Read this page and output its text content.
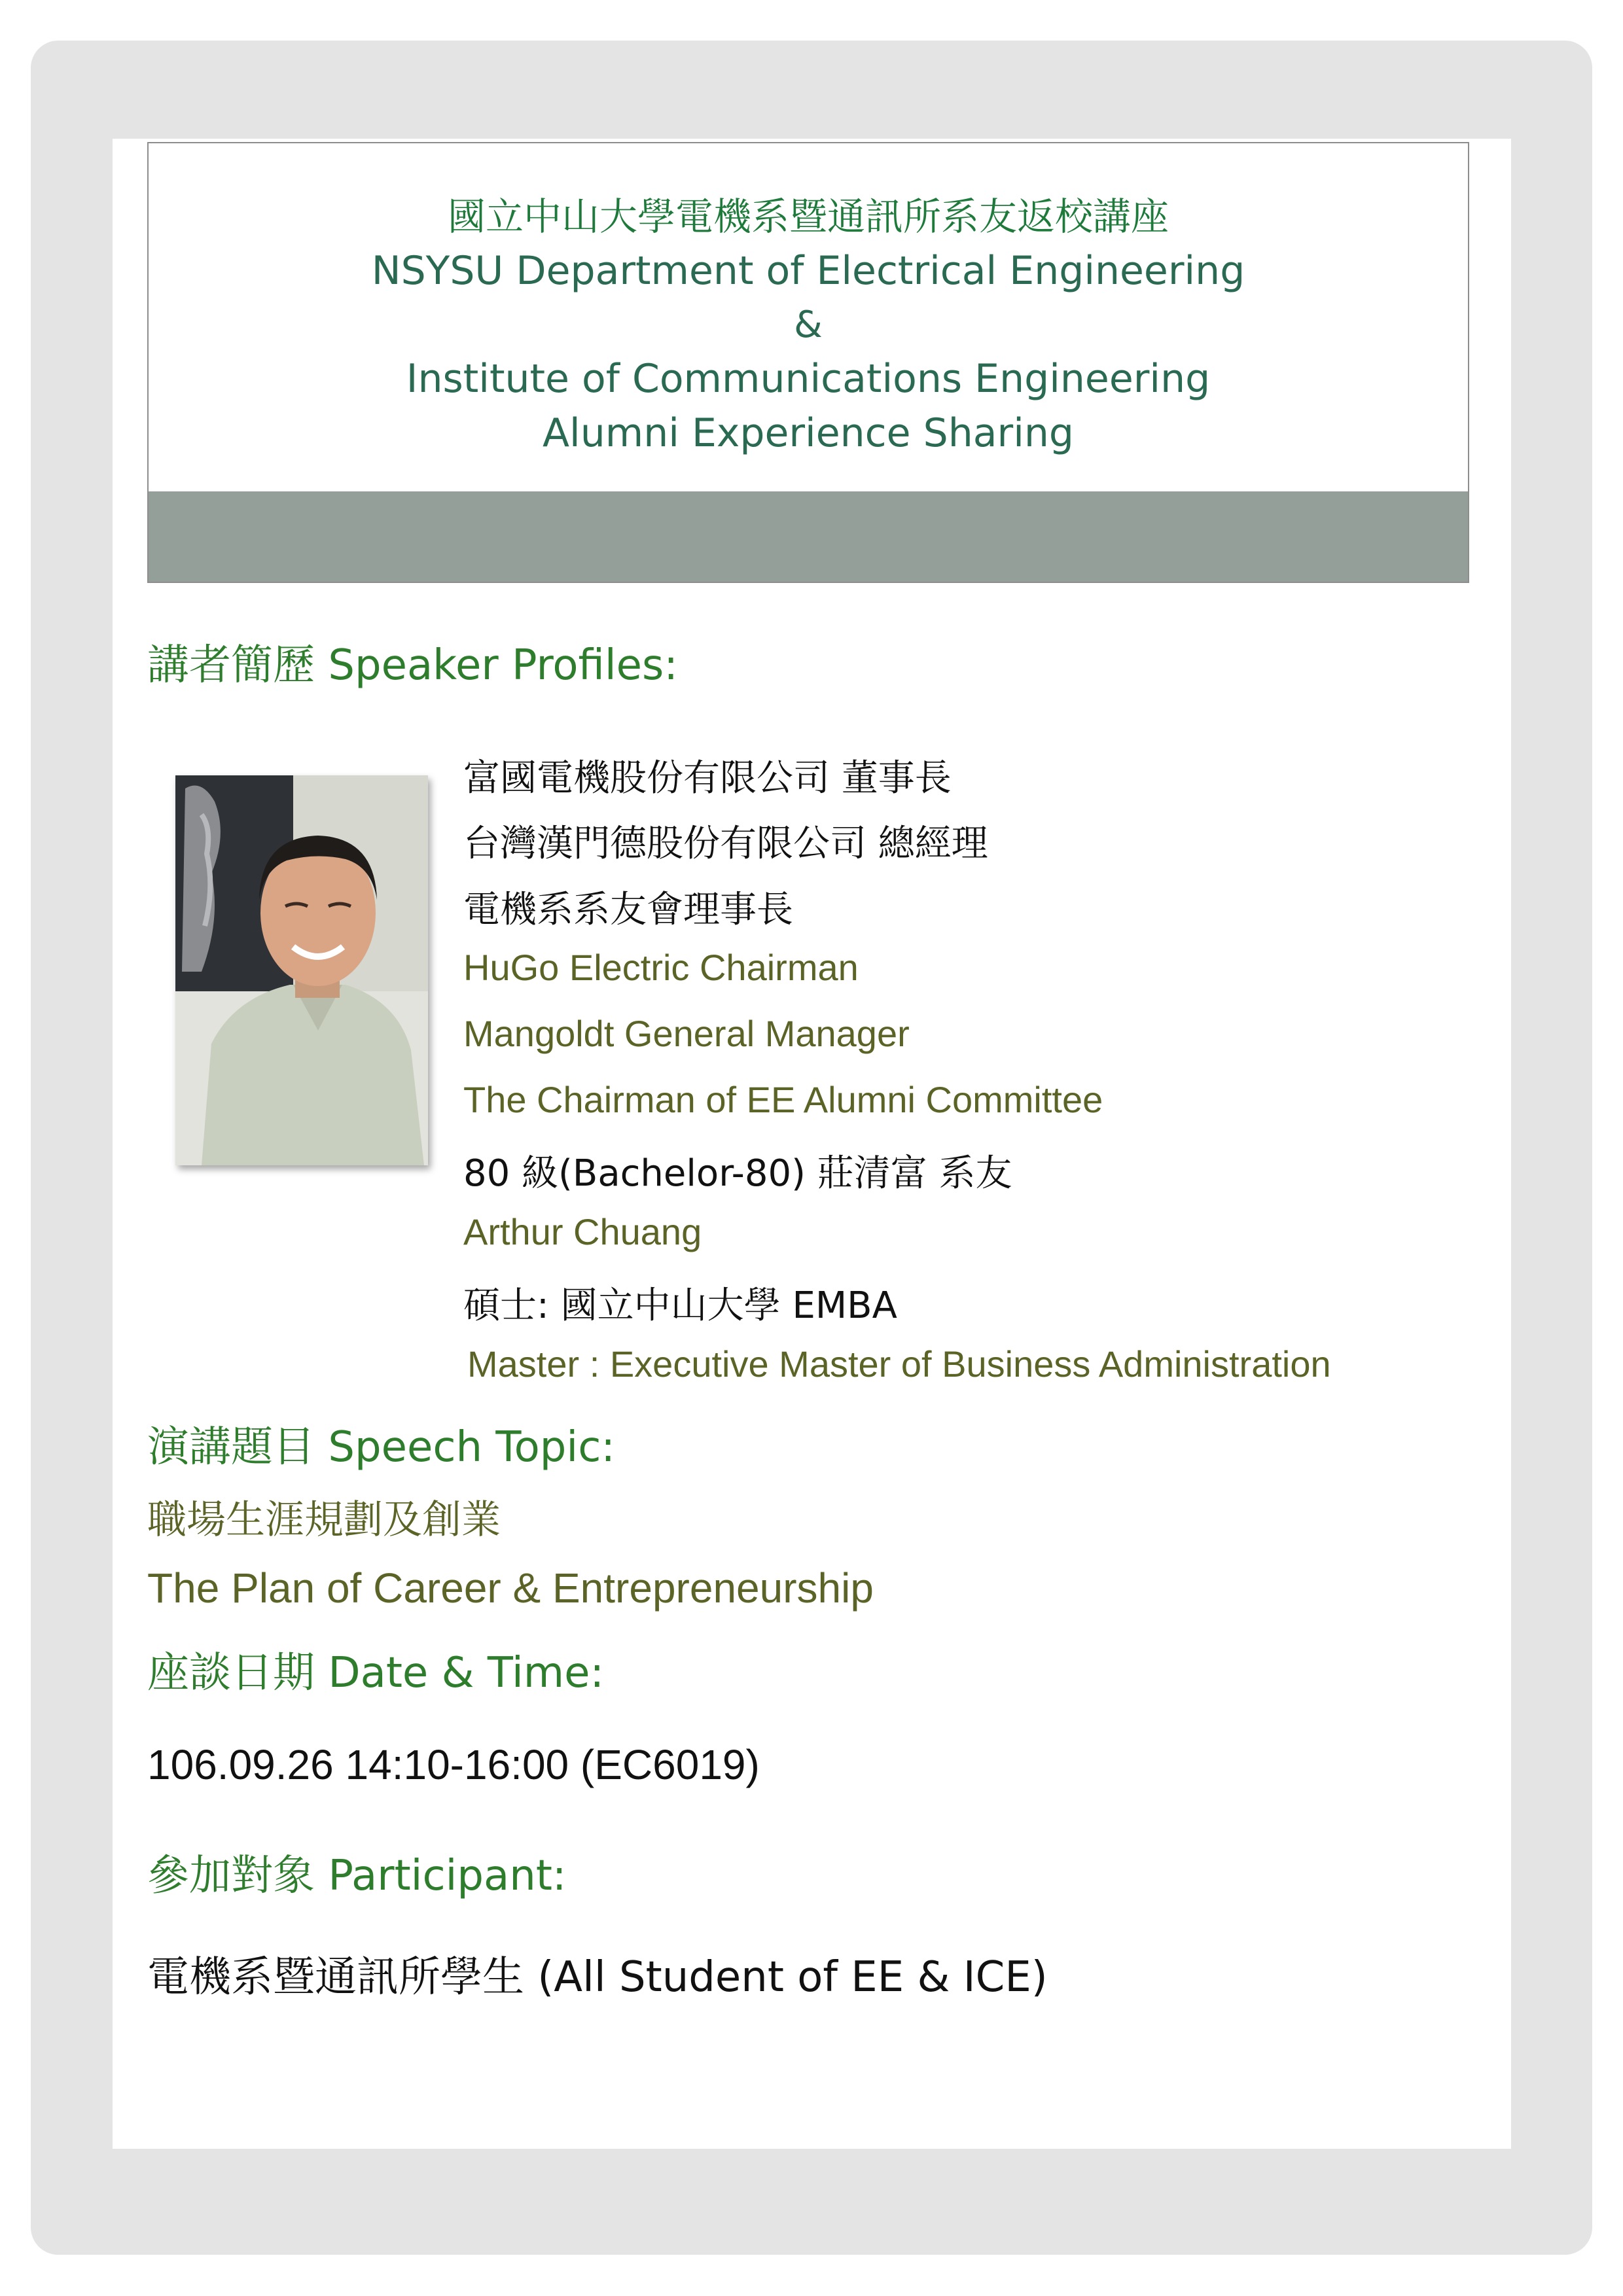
國立中山大學電機系暨通訊所系友返校講座
NSYSU Department of Electrical Engineering
&
Institute of Communications Engineering
Alumni Experience Sharing
講者簡歷 Speaker Profiles:
富國電機股份有限公司 董事長
台灣漢門德股份有限公司 總經理
電機系系友會理事長
HuGo Electric Chairman
Mangoldt General Manager
The Chairman of EE Alumni Committee
80 級(Bachelor-80) 莊清富 系友
Arthur Chuang
碩士: 國立中山大學 EMBA
Master : Executive Master of Business Administration
演講題目 Speech Topic:
職場生涯規劃及創業
The Plan of Career & Entrepreneurship
座談日期 Date & Time:
106.09.26 14:10-16:00 (EC6019)
參加對象 Participant:
電機系暨通訊所學生 (All Student of EE & ICE)
